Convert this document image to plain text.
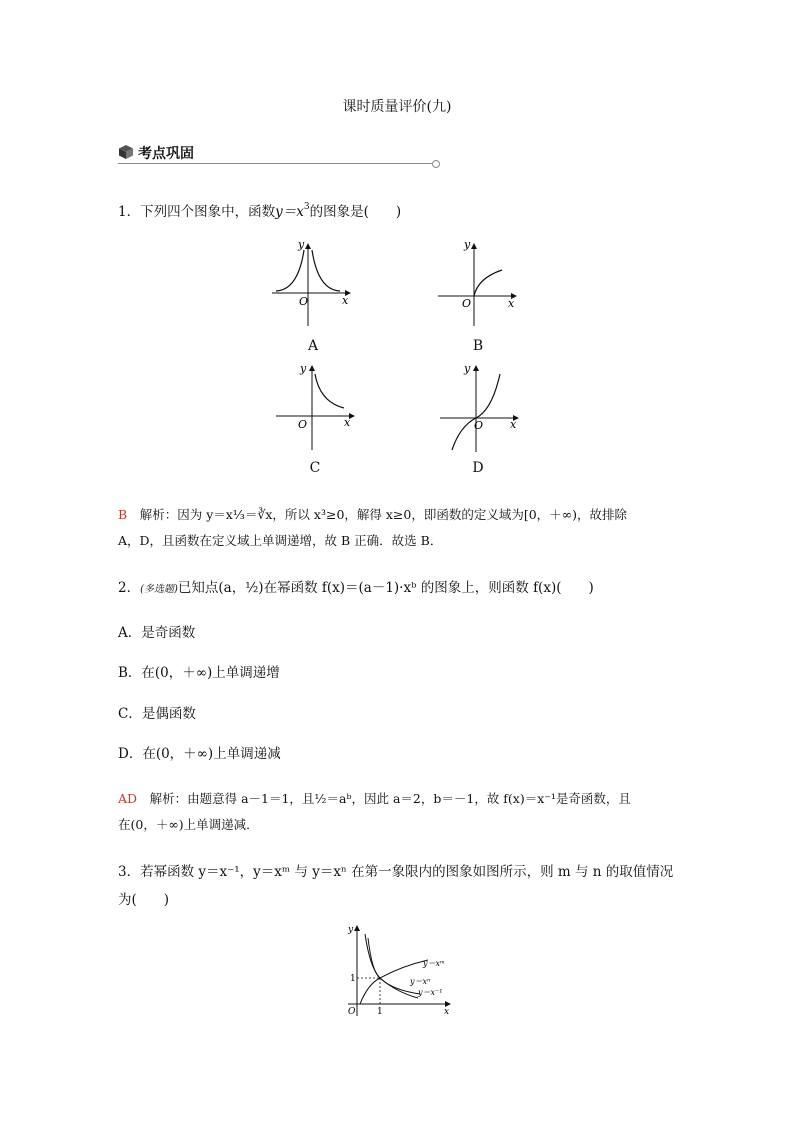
课时质量评价(九)
考点巩固
1．下列四个图象中，函数$y=x^3$的图象是(　　)
y
x
O
A
y
x
O
B
y
x
O
C
y
x
O
D
B　 解析：因为 y＝x⅓＝∛x，所以 x³≥0，解得 x≥0，即函数的定义域为[0，＋∞)，故排除
A，D，且函数在定义域上单调递增，故 B 正确．故选 B．
2．(多选题)已知点(a，½)在幂函数 f(x)＝(a－1)·xᵇ 的图象上，则函数 f(x)(　　)
A．是奇函数
B．在(0，＋∞)上单调递增
C．是偶函数
D．在(0，＋∞)上单调递减
AD　 解析：由题意得 a－1＝1，且½＝aᵇ，因此 a＝2，b＝－1，故 f(x)＝x⁻¹是奇函数，且
在(0，＋∞)上单调递减．
3．若幂函数 y＝x⁻¹，y＝xᵐ 与 y＝xⁿ 在第一象限内的图象如图所示，则 m 与 n 的取值情况
为(　　)
y
x
O
1
1
y＝xᵐ
y＝xⁿ
y＝x⁻¹
